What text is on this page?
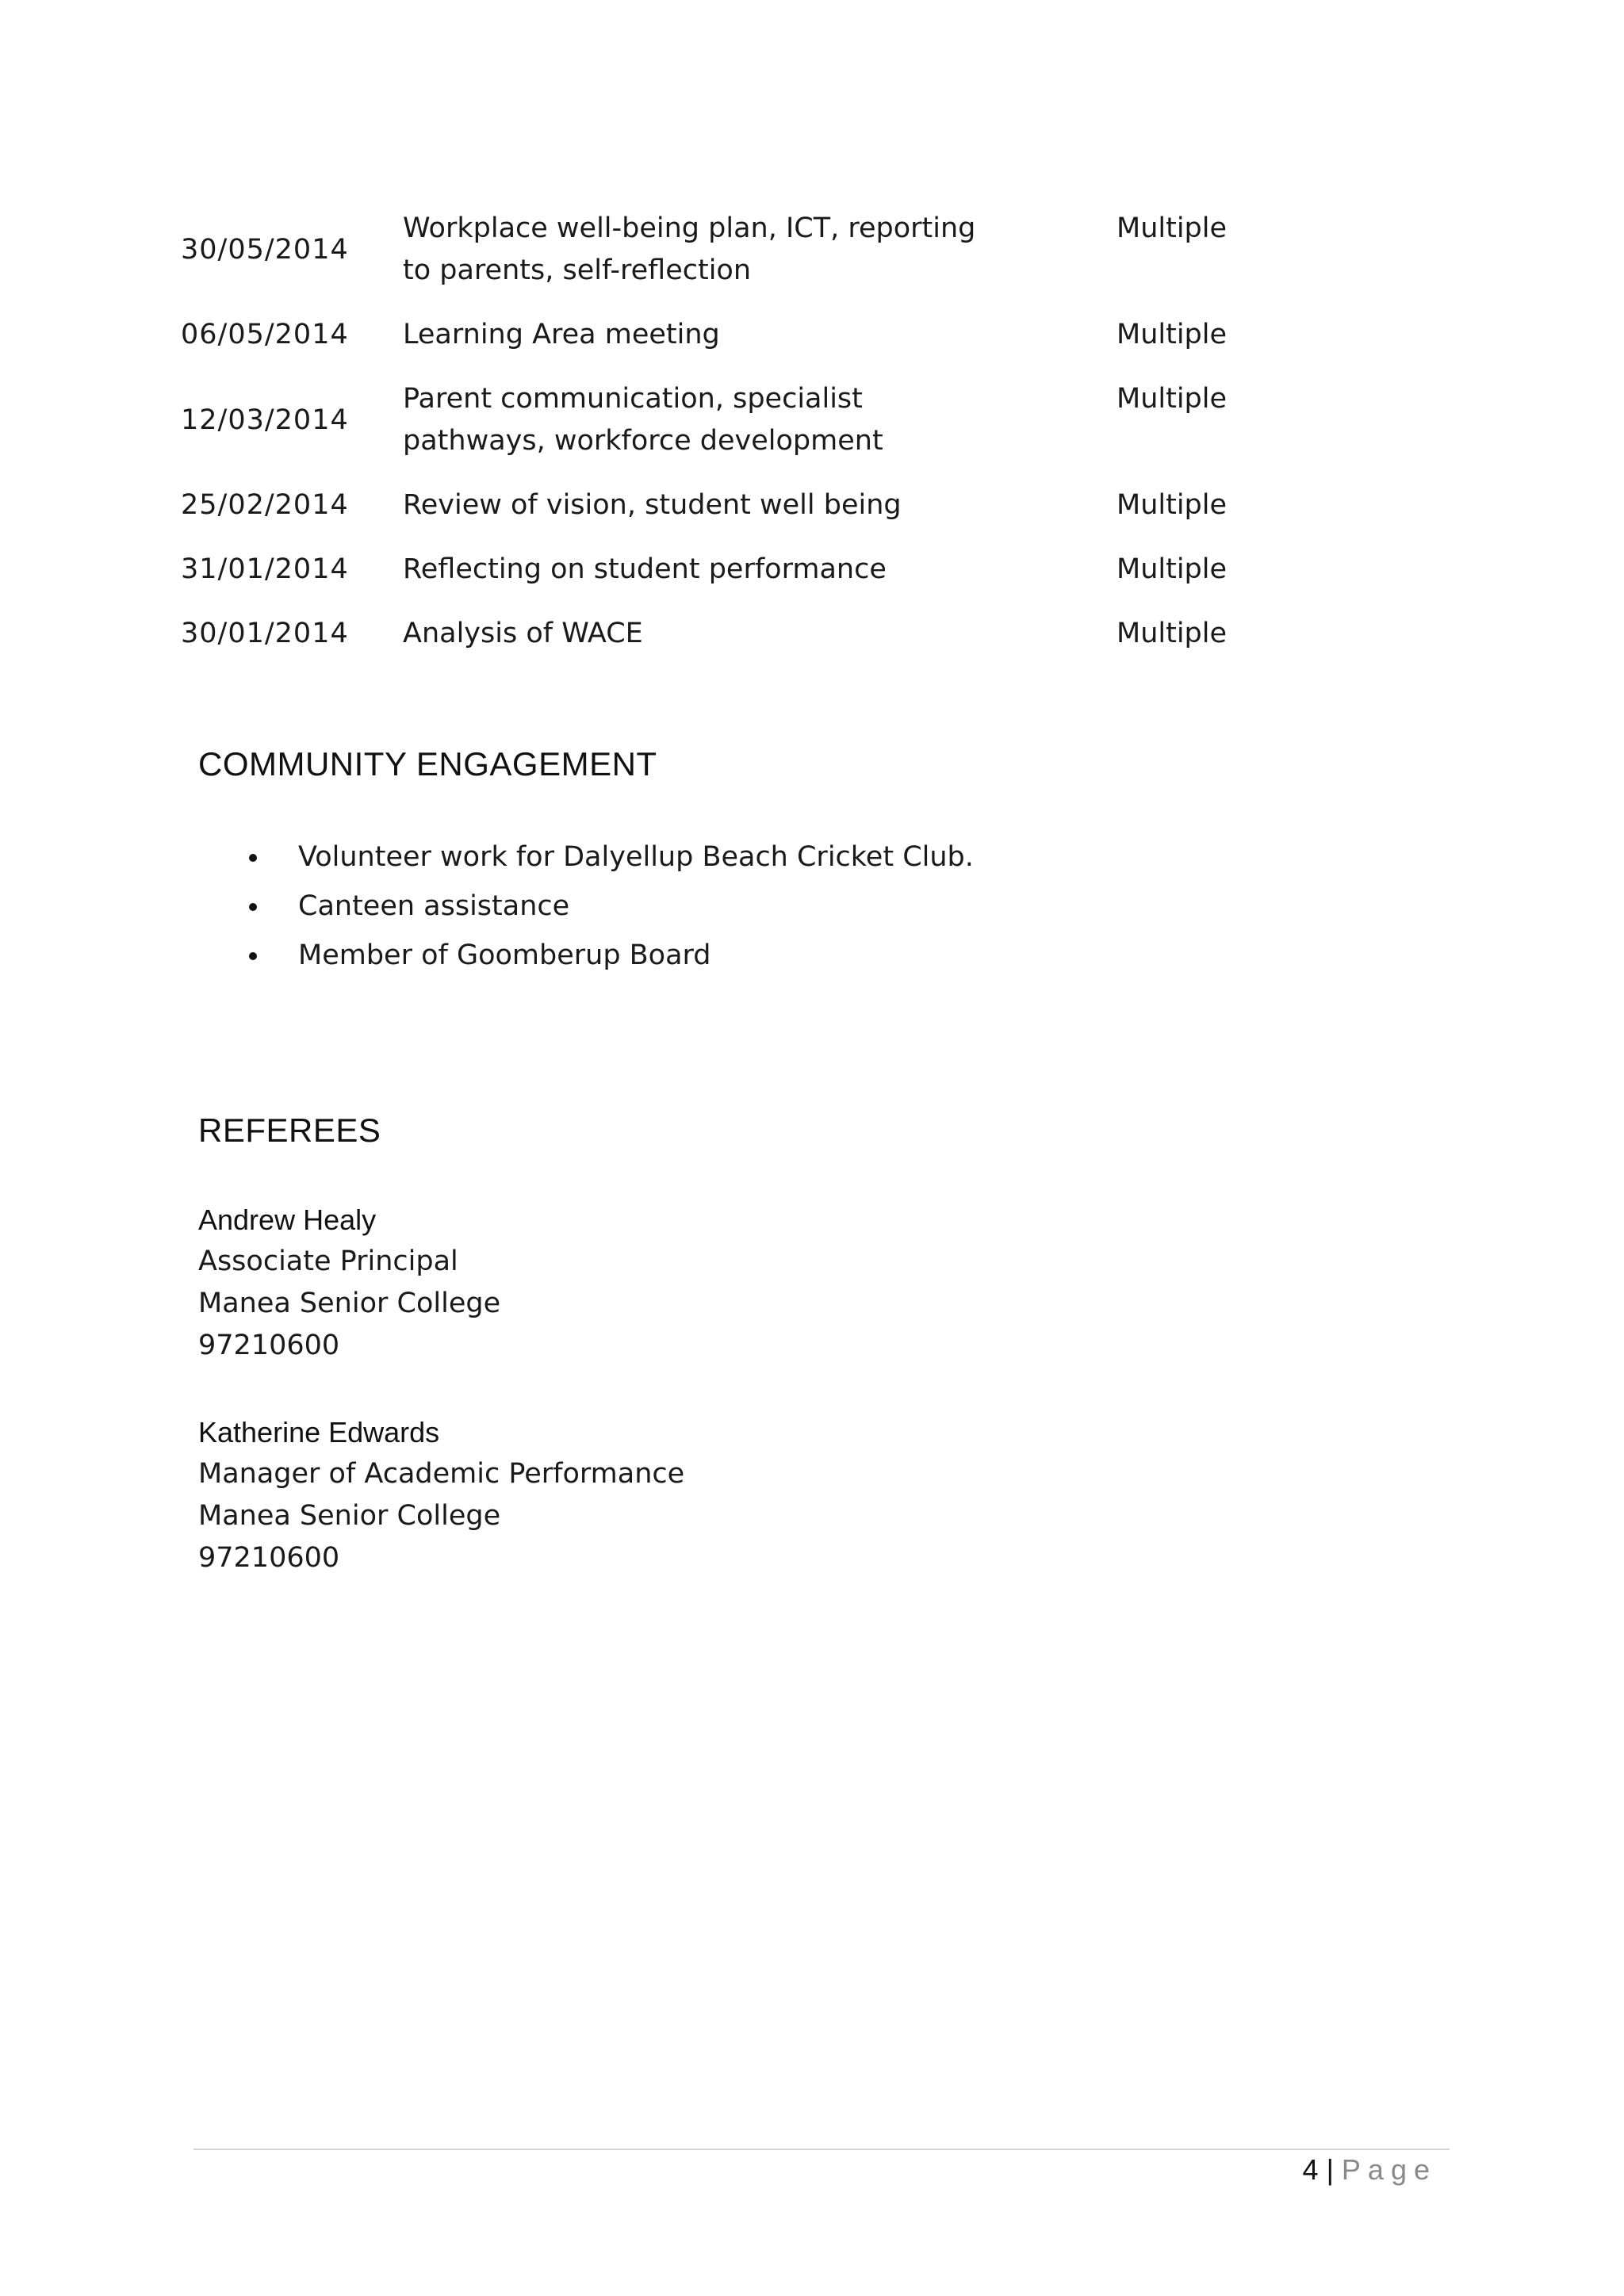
30/05/2014	Workplace well-being plan, ICT, reporting to parents, self-reflection	Multiple

06/05/2014	Learning Area meeting	Multiple

12/03/2014	Parent communication, specialist pathways, workforce development	Multiple

25/02/2014	Review of vision, student well being	Multiple

31/01/2014	Reflecting on student performance	Multiple

30/01/2014	Analysis of WACE	Multiple
COMMUNITY ENGAGEMENT
Volunteer work for Dalyellup Beach Cricket Club.
Canteen assistance
Member of Goomberup Board
REFEREES
Andrew Healy
Associate Principal
Manea Senior College
97210600
Katherine Edwards
Manager of Academic Performance
Manea Senior College
97210600
4 | Page
